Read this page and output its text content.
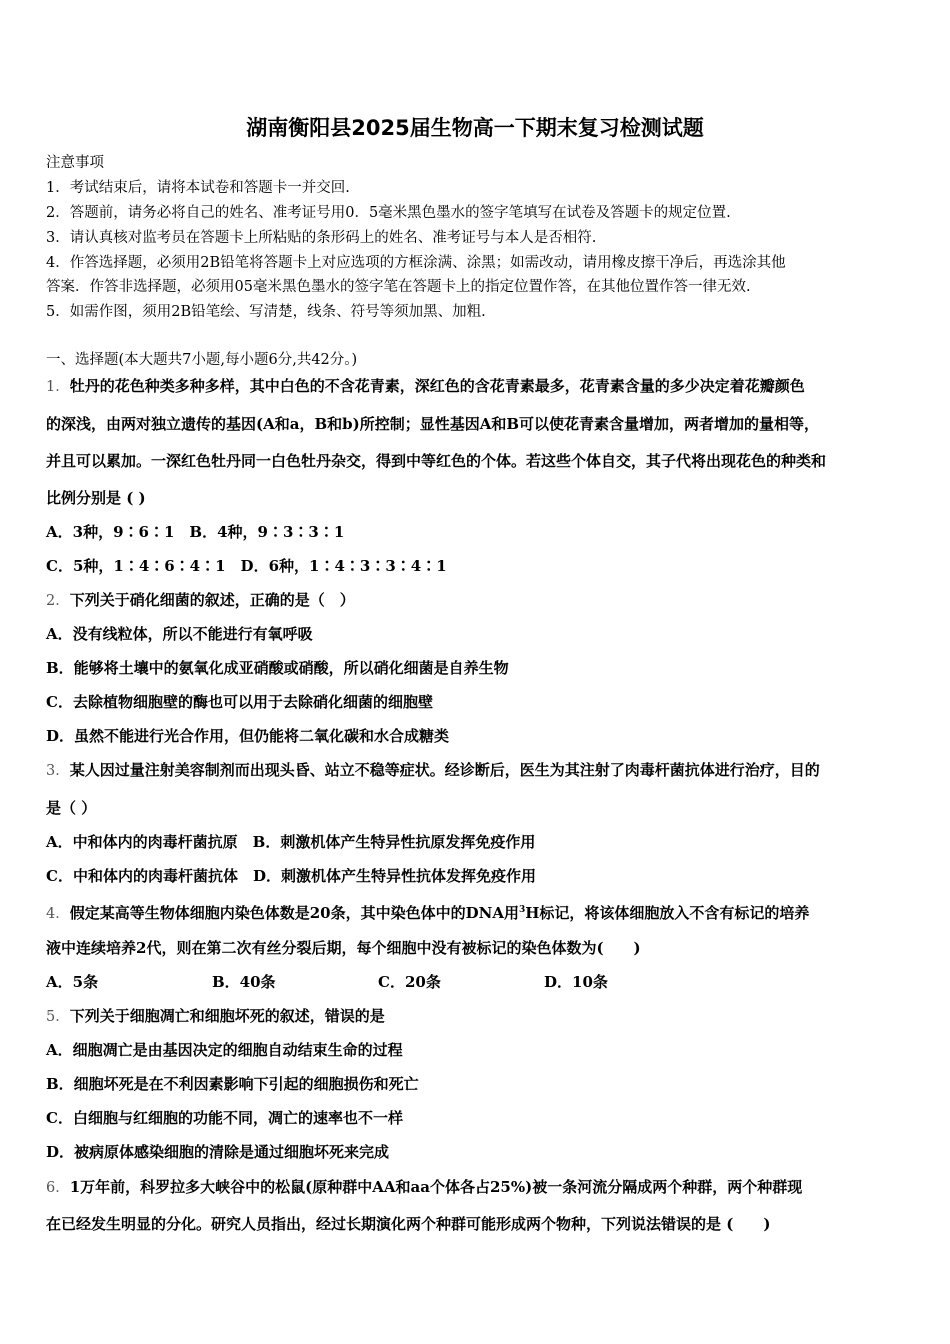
湖南衡阳县2025届生物高一下期末复习检测试题
注意事项
1．考试结束后，请将本试卷和答题卡一并交回.
2．答题前，请务必将自己的姓名、准考证号用0．5毫米黑色墨水的签字笔填写在试卷及答题卡的规定位置.
3．请认真核对监考员在答题卡上所粘贴的条形码上的姓名、准考证号与本人是否相符.
4．作答选择题，必须用2B铅笔将答题卡上对应选项的方框涂满、涂黑；如需改动，请用橡皮擦干净后，再选涂其他
答案．作答非选择题，必须用05毫米黑色墨水的签字笔在答题卡上的指定位置作答，在其他位置作答一律无效.
5．如需作图，须用2B铅笔绘、写清楚，线条、符号等须加黑、加粗.
一、选择题(本大题共7小题,每小题6分,共42分。)
1．牡丹的花色种类多种多样，其中白色的不含花青素，深红色的含花青素最多，花青素含量的多少决定着花瓣颜色
的深浅，由两对独立遗传的基因(A和a，B和b)所控制；显性基因A和B可以使花青素含量增加，两者增加的量相等，
并且可以累加。一深红色牡丹同一白色牡丹杂交，得到中等红色的个体。若这些个体自交，其子代将出现花色的种类和
比例分别是 ( )
A．3种，9∶6∶1　B．4种，9∶3∶3∶1
C．5种，1∶4∶6∶4∶1　D．6种，1∶4∶3∶3∶4∶1
2．下列关于硝化细菌的叙述，正确的是（　）
A．没有线粒体，所以不能进行有氧呼吸
B．能够将土壤中的氨氧化成亚硝酸或硝酸，所以硝化细菌是自养生物
C．去除植物细胞壁的酶也可以用于去除硝化细菌的细胞壁
D．虽然不能进行光合作用，但仍能将二氧化碳和水合成糖类
3．某人因过量注射美容制剂而出现头昏、站立不稳等症状。经诊断后，医生为其注射了肉毒杆菌抗体进行治疗，目的
是（ ）
A．中和体内的肉毒杆菌抗原　B．刺激机体产生特异性抗原发挥免疫作用
C．中和体内的肉毒杆菌抗体　D．刺激机体产生特异性抗体发挥免疫作用
4．假定某高等生物体细胞内染色体数是20条，其中染色体中的DNA用$^3$H标记，将该体细胞放入不含有标记的培养
液中连续培养2代，则在第二次有丝分裂后期，每个细胞中没有被标记的染色体数为(　　)
A．5条	B．40条	C．20条	D．10条
5．下列关于细胞凋亡和细胞坏死的叙述，错误的是
A．细胞凋亡是由基因决定的细胞自动结束生命的过程
B．细胞坏死是在不利因素影响下引起的细胞损伤和死亡
C．白细胞与红细胞的功能不同，凋亡的速率也不一样
D．被病原体感染细胞的清除是通过细胞坏死来完成
6．1万年前，科罗拉多大峡谷中的松鼠(原种群中AA和aa个体各占25%)被一条河流分隔成两个种群，两个种群现
在已经发生明显的分化。研究人员指出，经过长期演化两个种群可能形成两个物种，下列说法错误的是 (　　)
